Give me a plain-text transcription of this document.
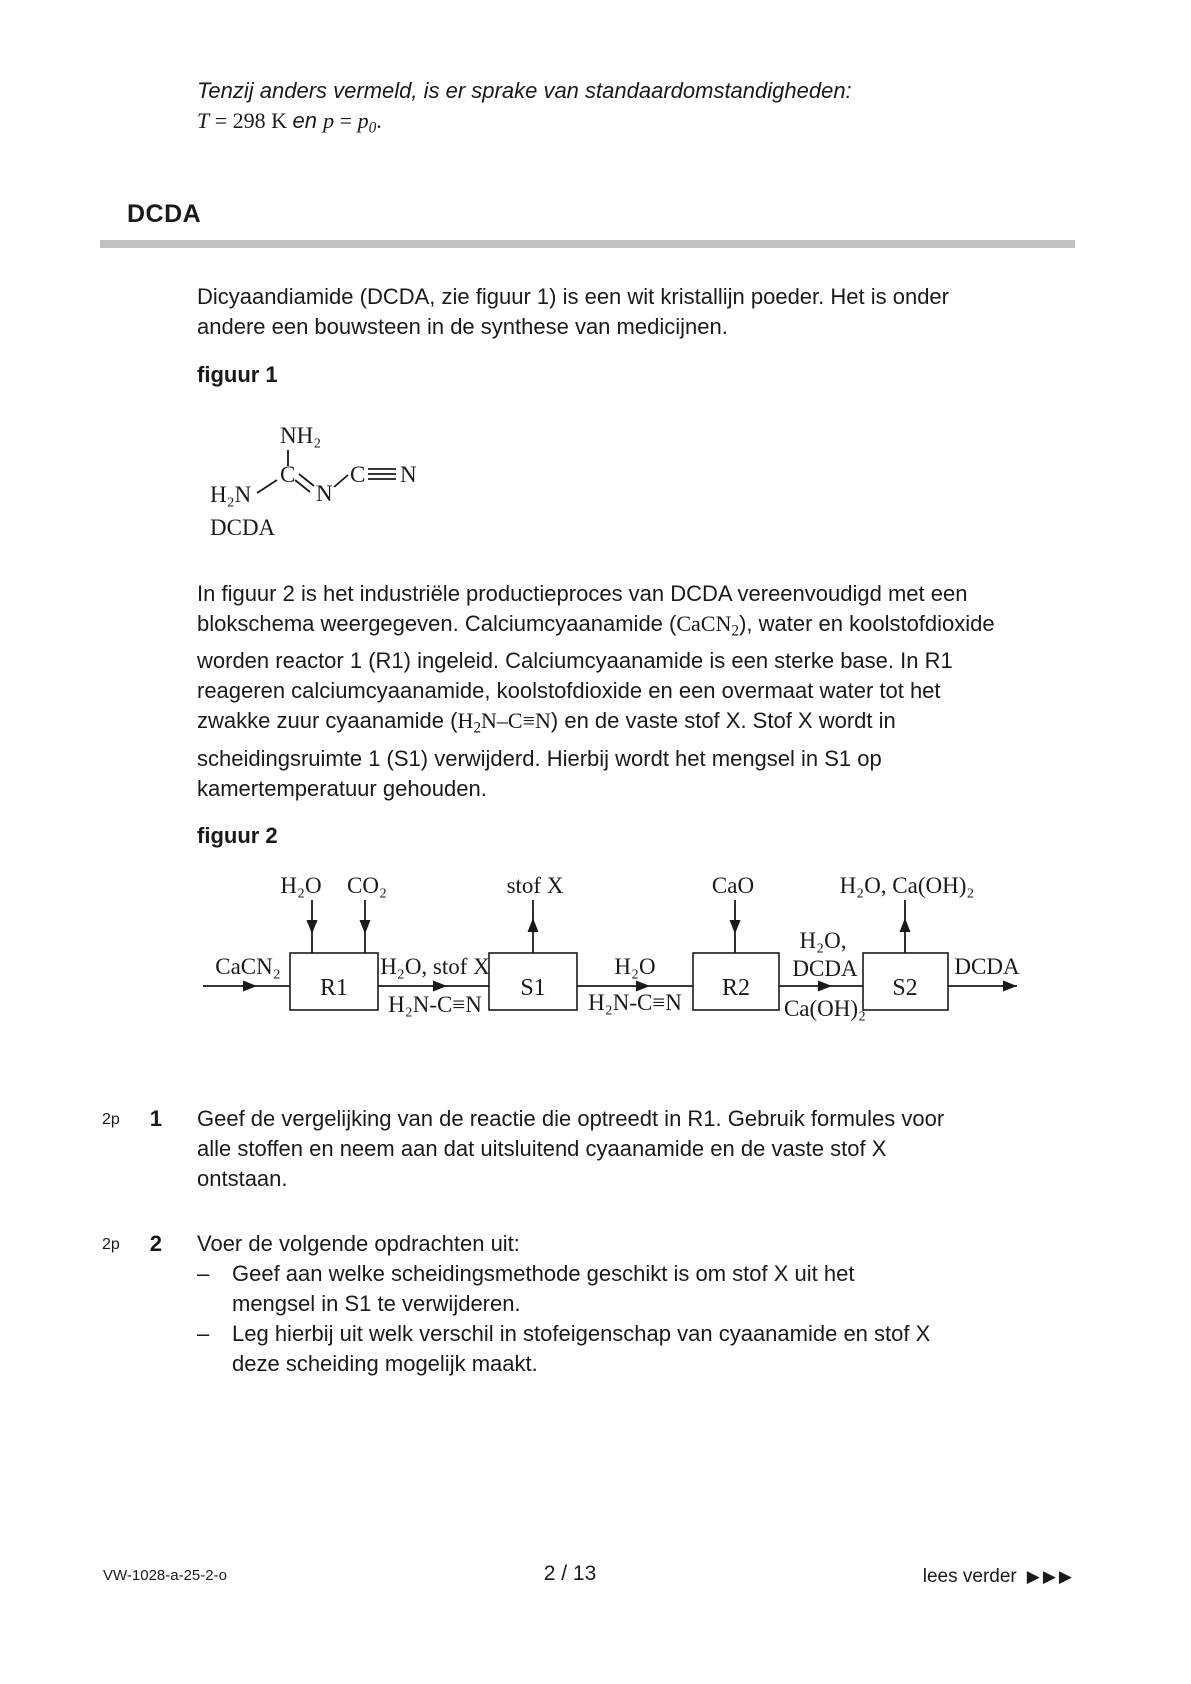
Tenzij anders vermeld, is er sprake van standaardomstandigheden:
T = 298 K en p = p0.
DCDA
Dicyaandiamide (DCDA, zie figuur 1) is een wit kristallijn poeder. Het is onder andere een bouwsteen in de synthese van medicijnen.
figuur 1
NH₂
C
H₂N	N
C N
DCDA
In figuur 2 is het industriële productieproces van DCDA vereenvoudigd met een blokschema weergegeven. Calciumcyaanamide (CaCN2), water en koolstofdioxide worden reactor 1 (R1) ingeleid. Calciumcyaanamide is een sterke base. In R1 reageren calciumcyaanamide, koolstofdioxide en een overmaat water tot het zwakke zuur cyaanamide (H2N–C≡N) en de vaste stof X. Stof X wordt in scheidingsruimte 1 (S1) verwijderd. Hierbij wordt het mengsel in S1 op kamertemperatuur gehouden.
figuur 2
R1	S1	R2	S2
H₂O CO₂	stof X	CaO	H₂O, Ca(OH)₂
CaCN₂	H₂O, stof X
H₂N-C≡N
H₂O
H₂N-C≡N
H₂O,
DCDA
Ca(OH)₂
DCDA
2p	1 Geef de vergelijking van de reactie die optreedt in R1. Gebruik formules voor alle stoffen en neem aan dat uitsluitend cyaanamide en de vaste stof X ontstaan.
2p	2 Voer de volgende opdrachten uit:
–	Geef aan welke scheidingsmethode geschikt is om stof X uit het mengsel in S1 te verwijderen.
–	Leg hierbij uit welk verschil in stofeigenschap van cyaanamide en stof X deze scheiding mogelijk maakt.
VW-1028-a-25-2-o	2 / 13	lees verder ▶▶▶
